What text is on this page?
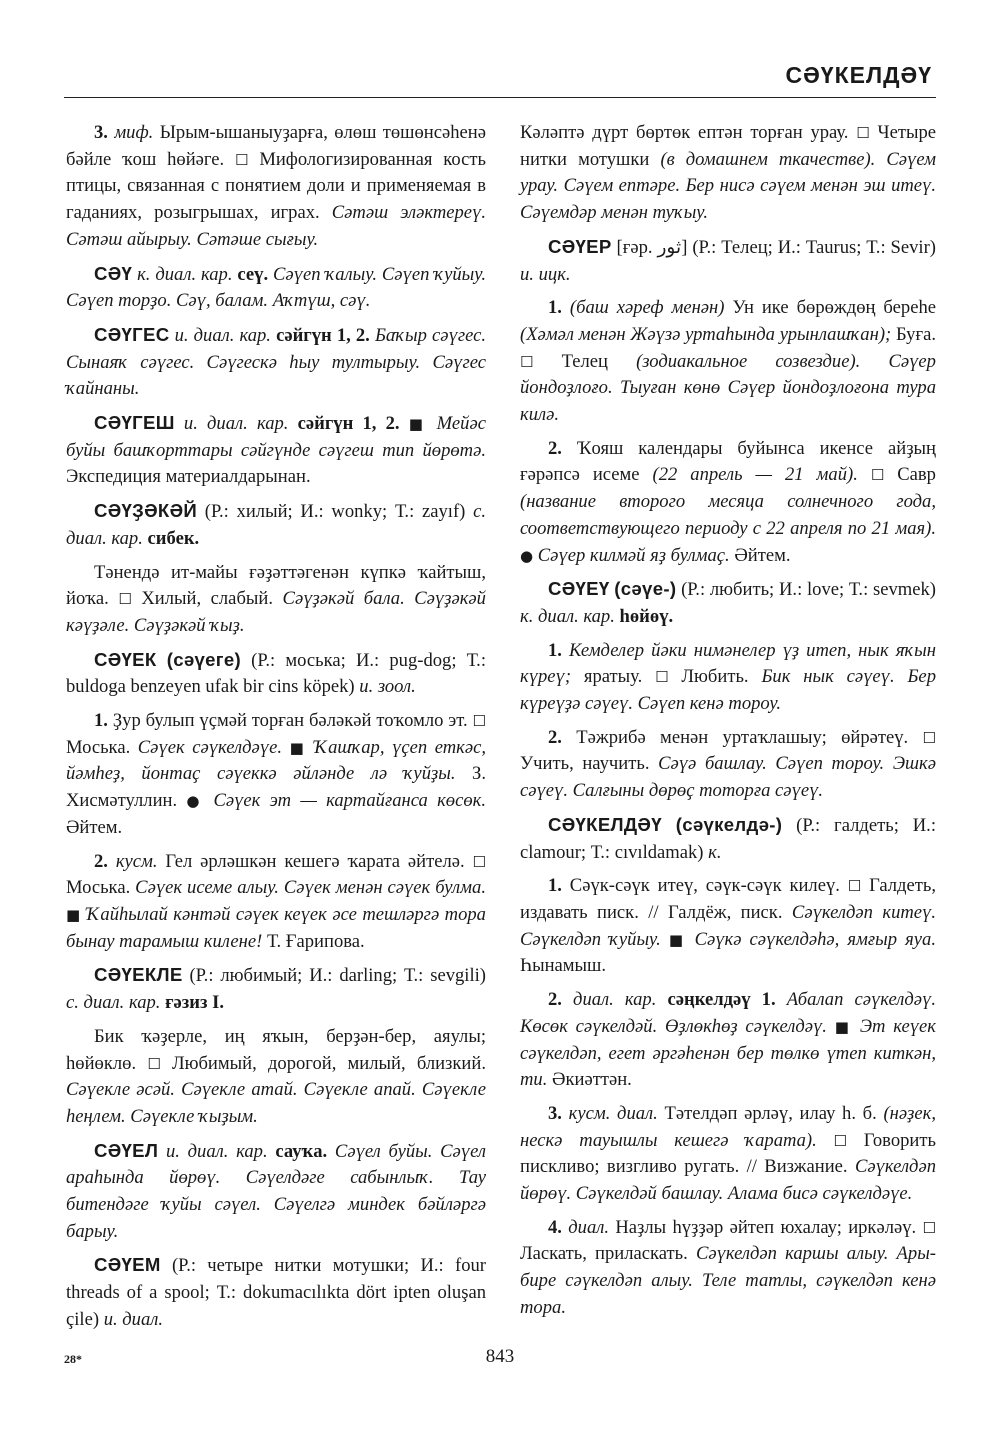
СӘҮКЕЛДӘҮ

3. миф. Ырым-ышаныуҙарға, өлөш төшөнсәһенә бәйле ҡош һөйәге. ☐ Мифологизированная кость птицы, связанная с понятием доли и применяемая в гаданиях, розыгрышах, играх. Сәтәш элəктереү. Сәтәш айырыу. Сәтәше сығыу.

СӘҮ к. диал. кар. сеү. Сәүеп ҡалыу. Сәүеп ҡуйыу. Сәүеп торҙо. Сәү, балам. Аҡтүш, сәү.

СӘҮГЕС и. диал. кар. сәйгүн 1, 2. Баҡыр сәүгес. Сынаяҡ сәүгес. Сәүгескә һыу тултырыу. Сәүгес ҡайнаны.

СӘҮГЕШ и. диал. кар. сәйгүн 1, 2. ■ Мейәс буйы башҡорттары сәйгүнде сәүгеш тип йөрөтә. Экспедиция материалдарынан.

СӘҮҘӘКӘЙ (Р.: хилый; И.: wonky; Т.: zayıf) с. диал. кар. сибек.

Тәнендә ит-майы ғәҙәттәгенән күпкә ҡайтыш, йоҡа. ☐ Хилый, слабый. Сәүҙәкәй бала. Сәүҙәкәй кәүҙәле. Сәүҙәкәй ҡыҙ.

СӘҮЕК (сәүеге) (Р.: моська; И.: pug-dog; Т.: buldoga benzeyen ufak bir cins köpek) и. зоол.

1. Ҙур булып үҫмәй торған бәләкәй тоҡомло эт. ☐ Моська. Сәүек сәүкелдәүе. ■ Ҡашҡар, үҫеп еткәс, йәмһеҙ, йонтаҫ сәүеккә әйләнде лә ҡуйҙы. З. Хисмәтуллин. ● Сәүек эт — картайғанса көсөк. Әйтем.

2. кусм. Гел әрләшкән кешегә ҡарата әйтелә. ☐ Моська. Сәүек исеме алыу. Сәүек менән сәүек булма. ■ Ҡайһылай кәнтәй сәүек кеүек әсе тешләргә тора бынау тарамыш килене! Т. Ғарипова.

СӘҮЕКЛЕ (Р.: любимый; И.: darling; Т.: sevgili) с. диал. кар. ғәзиз I.

Бик ҡәҙерле, иң яҡын, берҙән-бер, аяулы; һөйөклө. ☐ Любимый, дорогой, милый, близкий. Сәүекле әсәй. Сәүекле атай. Сәүекле апай. Сәүекле һеңлем. Сәүекле ҡыҙым.

СӘҮЕЛ и. диал. кар. сауҡа. Сәүел буйы. Сәүел араһында йөрөү. Сәүелдәге сабынлыҡ. Тау битендәге ҡуйы сәүел. Сәүелгә миндек бәйләргә барыу.

СӘҮЕМ (Р.: четыре нитки мотушки; И.: four threads of a spool; Т.: dokumacılıkta dört ipten oluşan çile) и. диал.

Кәләптә дүрт бөртөк ептән торған урау. ☐ Четыре нитки мотушки (в домашнем ткачестве). Сәүем урау. Сәүем ептәре. Бер нисә сәүем менән эш итеү. Сәүемдәр менән туҡыу.

СӘҮЕР [ғәр. ثور] (Р.: Телец; И.: Taurus; Т.: Sevir) и. ицк.

1. (баш хәреф менән) Ун ике бөрөждөң береһе (Хәмәл менән Жәүзә уртаһында урынлашҡан); Буға. ☐ Телец (зодиакальное созвездие). Сәүер йондоҙлоғо. Тыуған көнө Сәүер йондоҙлоғона тура килә.

2. Ҡояш календары буйынса икенсе айҙың ғәрәпсә исеме (22 апрель — 21 май). ☐ Савр (название второго месяца солнечного года, соответствующего периоду с 22 апреля по 21 мая). ● Сәүер килмәй яҙ булмаҫ. Әйтем.

СӘҮЕҮ (сәүе-) (Р.: любить; И.: love; Т.: sevmek) к. диал. кар. һөйөү.

1. Кемделер йәки нимәнелер үҙ итеп, нык яҡын күреү; яратыу. ☐ Любить. Бик нык сәүеү. Бер күреүҙә сәүеү. Сәүеп кенә тороу.

2. Тәжрибә менән уртаҡлашыу; өйрәтеү. ☐ Учить, научить. Сәүә башлау. Сәүеп тороу. Эшкә сәүеү. Салғыны дөрөҫ тоторға сәүеү.

СӘҮКЕЛДӘҮ (сәүкелдә-) (Р.: галдеть; И.: clamour; Т.: cıvıldamak) к.

1. Сәүк-сәүк итеү, сәүк-сәүк килеү. ☐ Галдеть, издавать писк. // Галдёж, писк. Сәүкелдәп китеү. Сәүкелдәп ҡуйыу. ■ Сәүкә сәүкелдәһә, ямғыр яуа. Һынамыш.

2. диал. кар. сәңкелдәү 1. Абалап сәүкелдәү. Көсөк сәүкелдәй. Өҙлөкһөҙ сәүкелдәү. ■ Эт кеүек сәүкелдәп, егет әргәһенән бер төлкө үтеп киткән, ти. Әкиәттән.

3. кусм. диал. Тәтелдәп әрләү, илау һ. б. (нәҙек, нескә тауышлы кешегә ҡарата). ☐ Говорить пискливо; визгливо ругать. // Визжание. Сәүкелдәп йөрөү. Сәүкелдәй башлау. Алама бисә сәүкелдәүе.

4. диал. Наҙлы һүҙҙәр әйтеп юхалау; иркәләү. ☐ Ласкать, приласкать. Сәүкелдәп каршы алыу. Ары-бире сәүкелдәп алыу. Теле татлы, сәүкелдәп кенә тора.

28*	843
